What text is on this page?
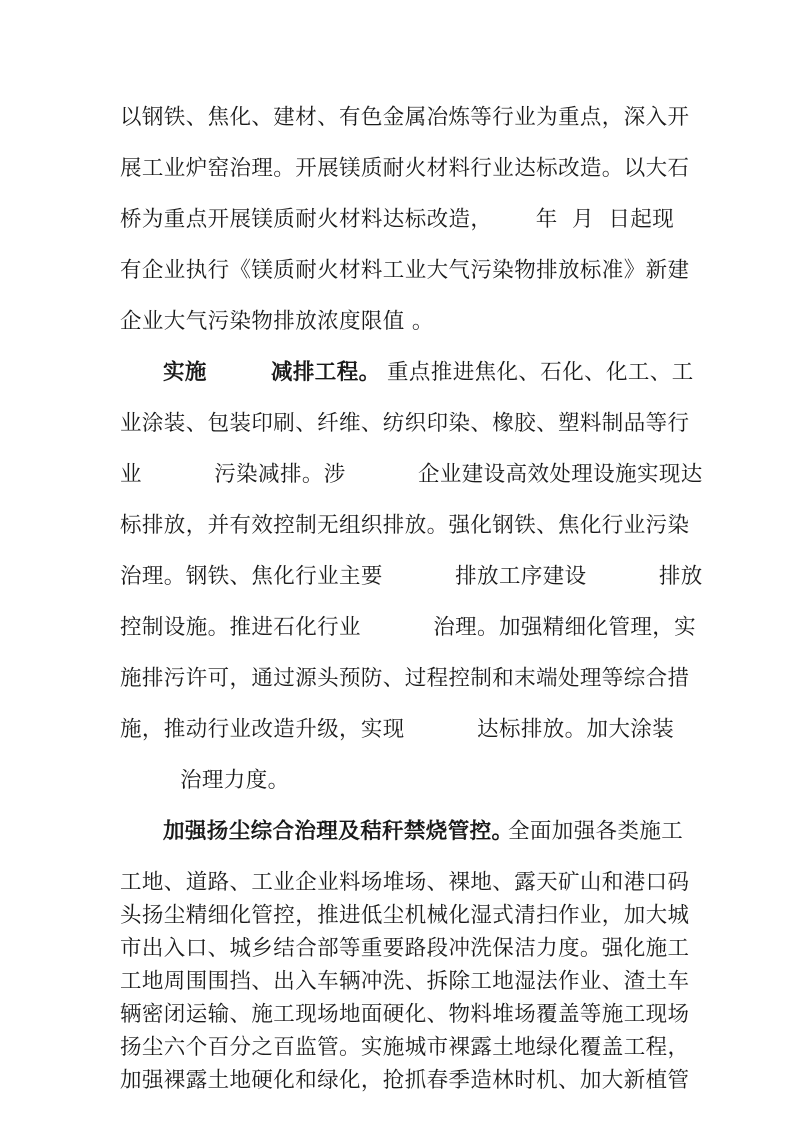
以钢铁、焦化、建材、有色金属冶炼等行业为重点，深入开
展工业炉窑治理。开展镁质耐火材料行业达标改造。以大石
桥为重点开展镁质耐火材料达标改造，      年  月  日起现
有企业执行《镁质耐火材料工业大气污染物排放标准》新建
企业大气污染物排放浓度限值 。
实施	减排工程。 重点推进焦化、石化、化工、工
业涂装、包装印刷、纤维、纺织印染、橡胶、塑料制品等行
业          污染减排。涉          企业建设高效处理设施实现达
标排放，并有效控制无组织排放。强化钢铁、焦化行业污染
治理。钢铁、焦化行业主要          排放工序建设          排放
控制设施。推进石化行业          治理。加强精细化管理，实
施排污许可，通过源头预防、过程控制和末端处理等综合措
施，推动行业改造升级，实现          达标排放。加大涂装
治理力度。
加强扬尘综合治理及秸秆禁烧管控。
全面加强各类施工
工地、道路、工业企业料场堆场、裸地、露天矿山和港口码
头扬尘精细化管控，推进低尘机械化湿式清扫作业，加大城
市出入口、城乡结合部等重要路段冲洗保洁力度。强化施工
工地周围围挡、出入车辆冲洗、拆除工地湿法作业、渣土车
辆密闭运输、施工现场地面硬化、物料堆场覆盖等施工现场
扬尘六个百分之百监管。实施城市裸露土地绿化覆盖工程，
加强裸露土地硬化和绿化，抢抓春季造林时机、加大新植管
